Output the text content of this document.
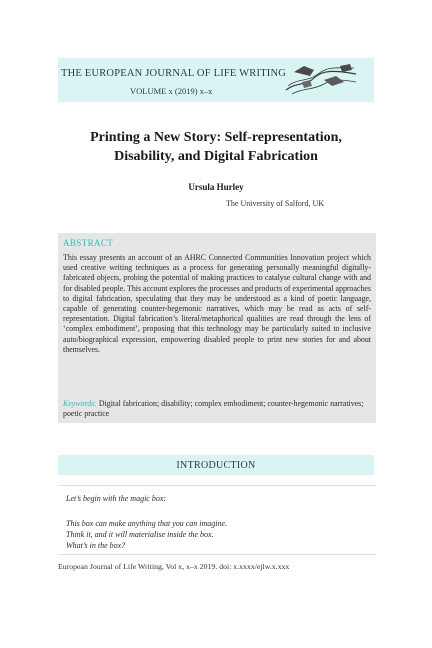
THE EUROPEAN JOURNAL OF LIFE WRITING
VOLUME x (2019) x–x
Printing a New Story: Self-representation,
Disability, and Digital Fabrication
Ursula Hurley
The University of Salford, UK
ABSTRACT
This essay presents an account of an AHRC Connected Communities Innovation project which used creative writing techniques as a process for generating personally meaningful digitally-fabricated objects, probing the potential of making practices to catalyse cultural change with and for disabled people. This account explores the processes and products of experimental approaches to digital fabrication, speculating that they may be understood as a kind of poetic language, capable of generating counter-hegemonic narratives, which may be read as acts of self-representation. Digital fabrication’s literal/metaphorical qualities are read through the lens of ‘complex embodiment’, proposing that this technology may be particularly suited to inclusive auto/biographical expression, empowering disabled people to print new stories for and about themselves.
Keywords: Digital fabrication; disability; complex embodiment; counter-hegemonic narratives; poetic practice
INTRODUCTION
Let’s begin with the magic box:
This box can make anything that you can imagine.
Think it, and it will materialise inside the box.
What’s in the box?
European Journal of Life Writing, Vol x, x–x 2019. doi: x.xxxx/ejlw.x.xxx
